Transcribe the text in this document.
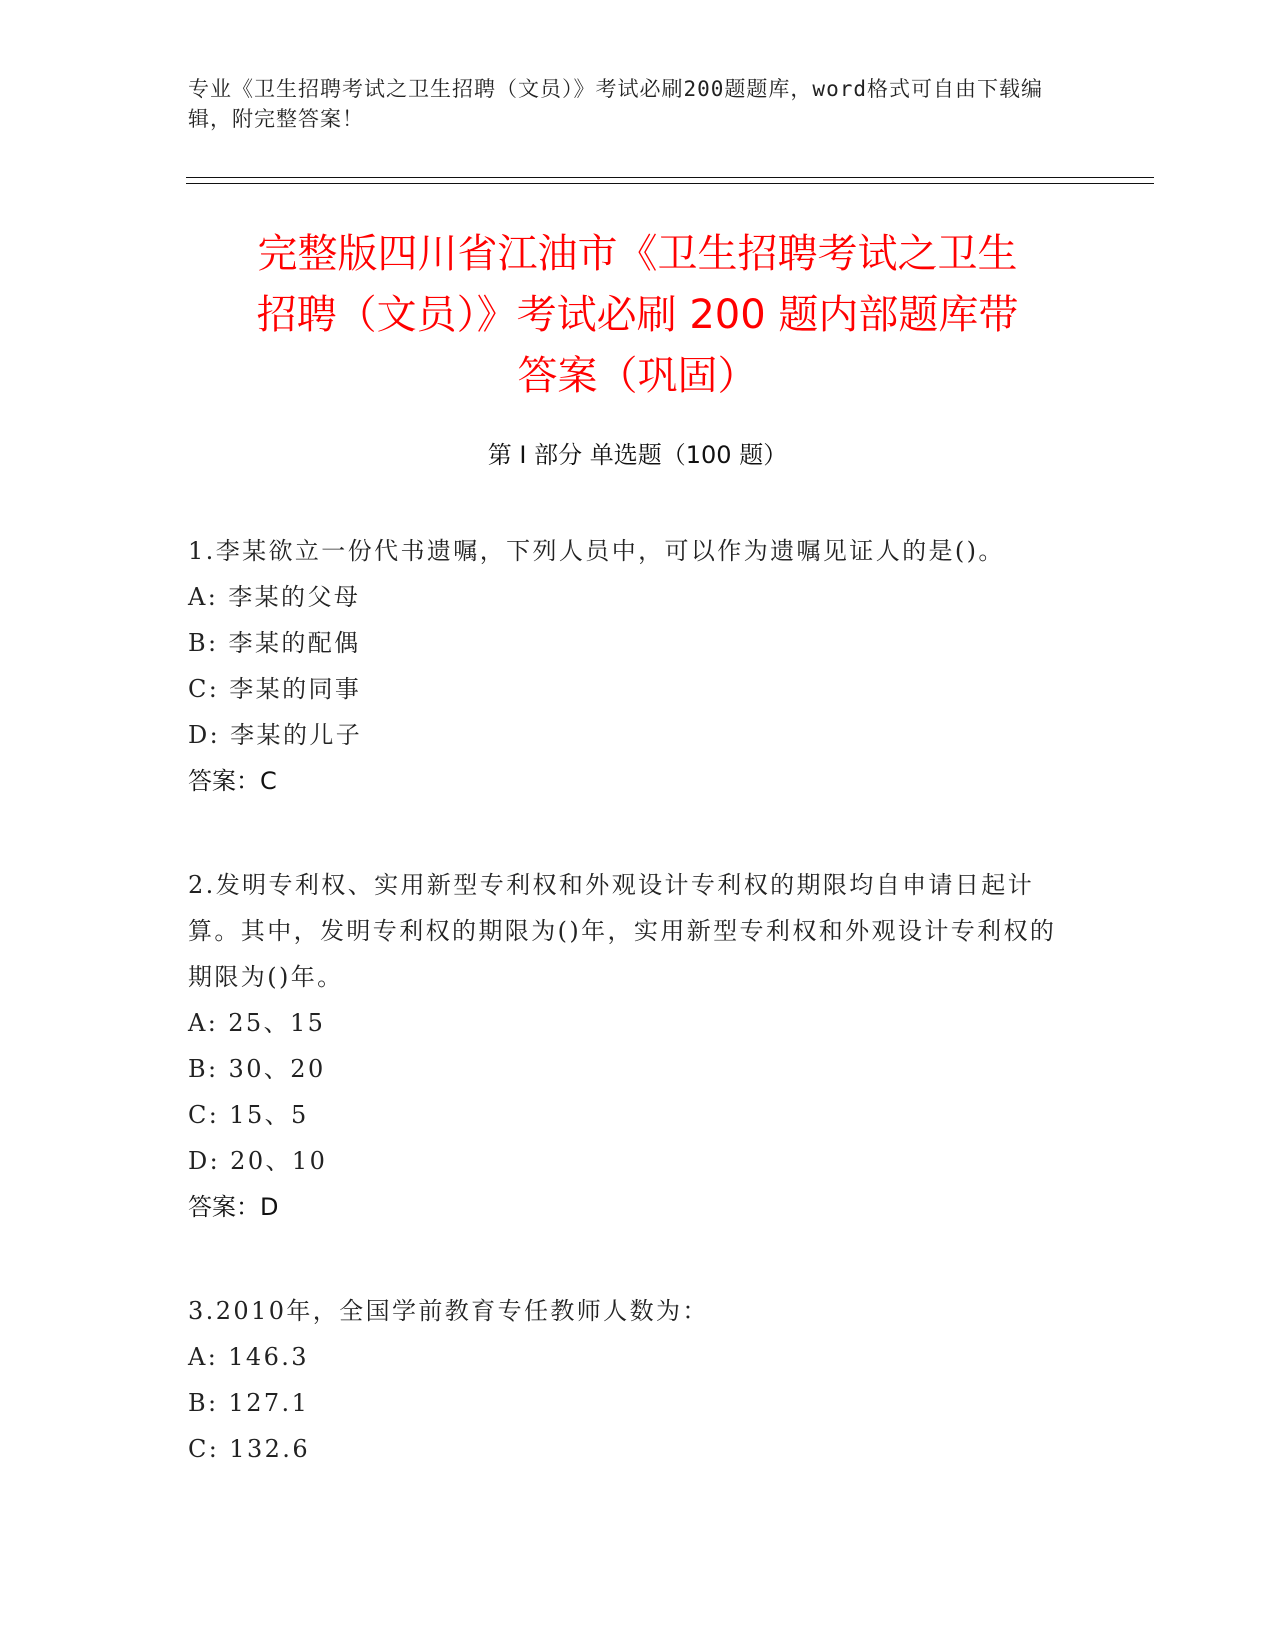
专业《卫生招聘考试之卫生招聘（文员）》考试必刷200题题库，word格式可自由下载编辑，附完整答案！
完整版四川省江油市《卫生招聘考试之卫生
招聘（文员）》考试必刷 200 题内部题库带
答案（巩固）
第 I 部分 单选题（100 题）

1.李某欲立一份代书遗嘱，下列人员中，可以作为遗嘱见证人的是()。

A: 李某的父母

B: 李某的配偶

C: 李某的同事

D: 李某的儿子

答案：C

2.发明专利权、实用新型专利权和外观设计专利权的期限均自申请日起计算。其中，发明专利权的期限为()年，实用新型专利权和外观设计专利权的期限为()年。

A: 25、15

B: 30、20

C: 15、5

D: 20、10

答案：D

3.2010年，全国学前教育专任教师人数为：

A: 146.3

B: 127.1

C: 132.6
